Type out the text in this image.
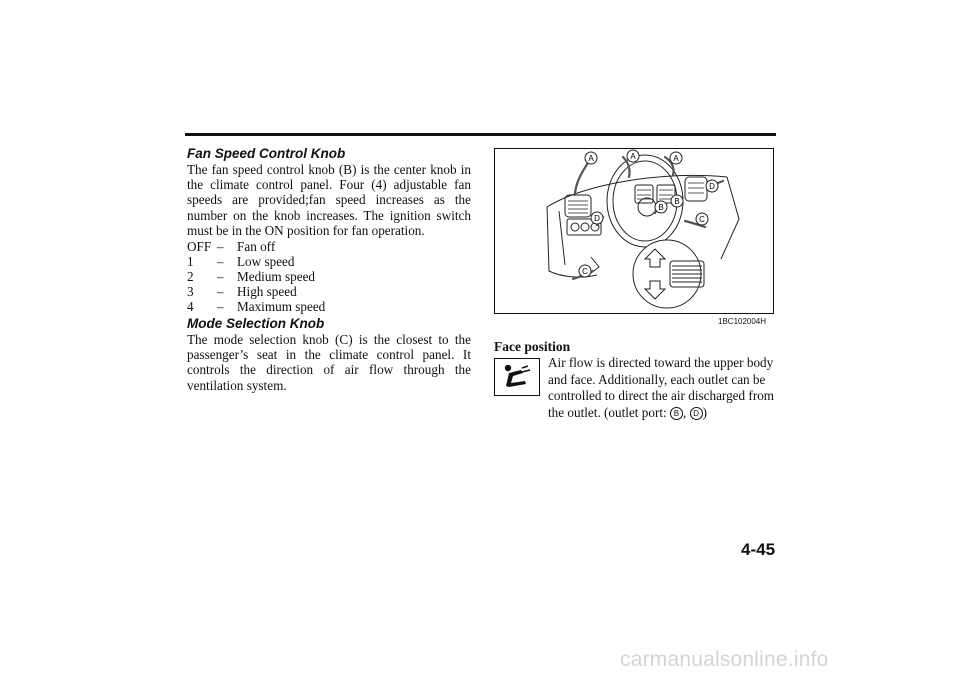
Fan Speed Control Knob

The fan speed control knob (B) is the center knob in the climate control panel. Four (4) adjustable fan speeds are provided;fan speed increases as the number on the knob increases. The ignition switch must be in the ON position for fan operation.

OFF –	Fan off
1	–	Low speed
2	–	Medium speed
3	–	High speed
4	–	Maximum speed
Mode Selection Knob

The mode selection knob (C) is the closest to the passenger’s seat in the climate control panel. It controls the direction of air flow through the ventilation system.

A	A	A
B
B
C
C
D
D
1BC102004H
Face position

Air flow is directed toward the upper body and face. Additionally, each outlet can be controlled to direct the air discharged from the outlet. (outlet port: B , D )

4-45
carmanualsonline.info
